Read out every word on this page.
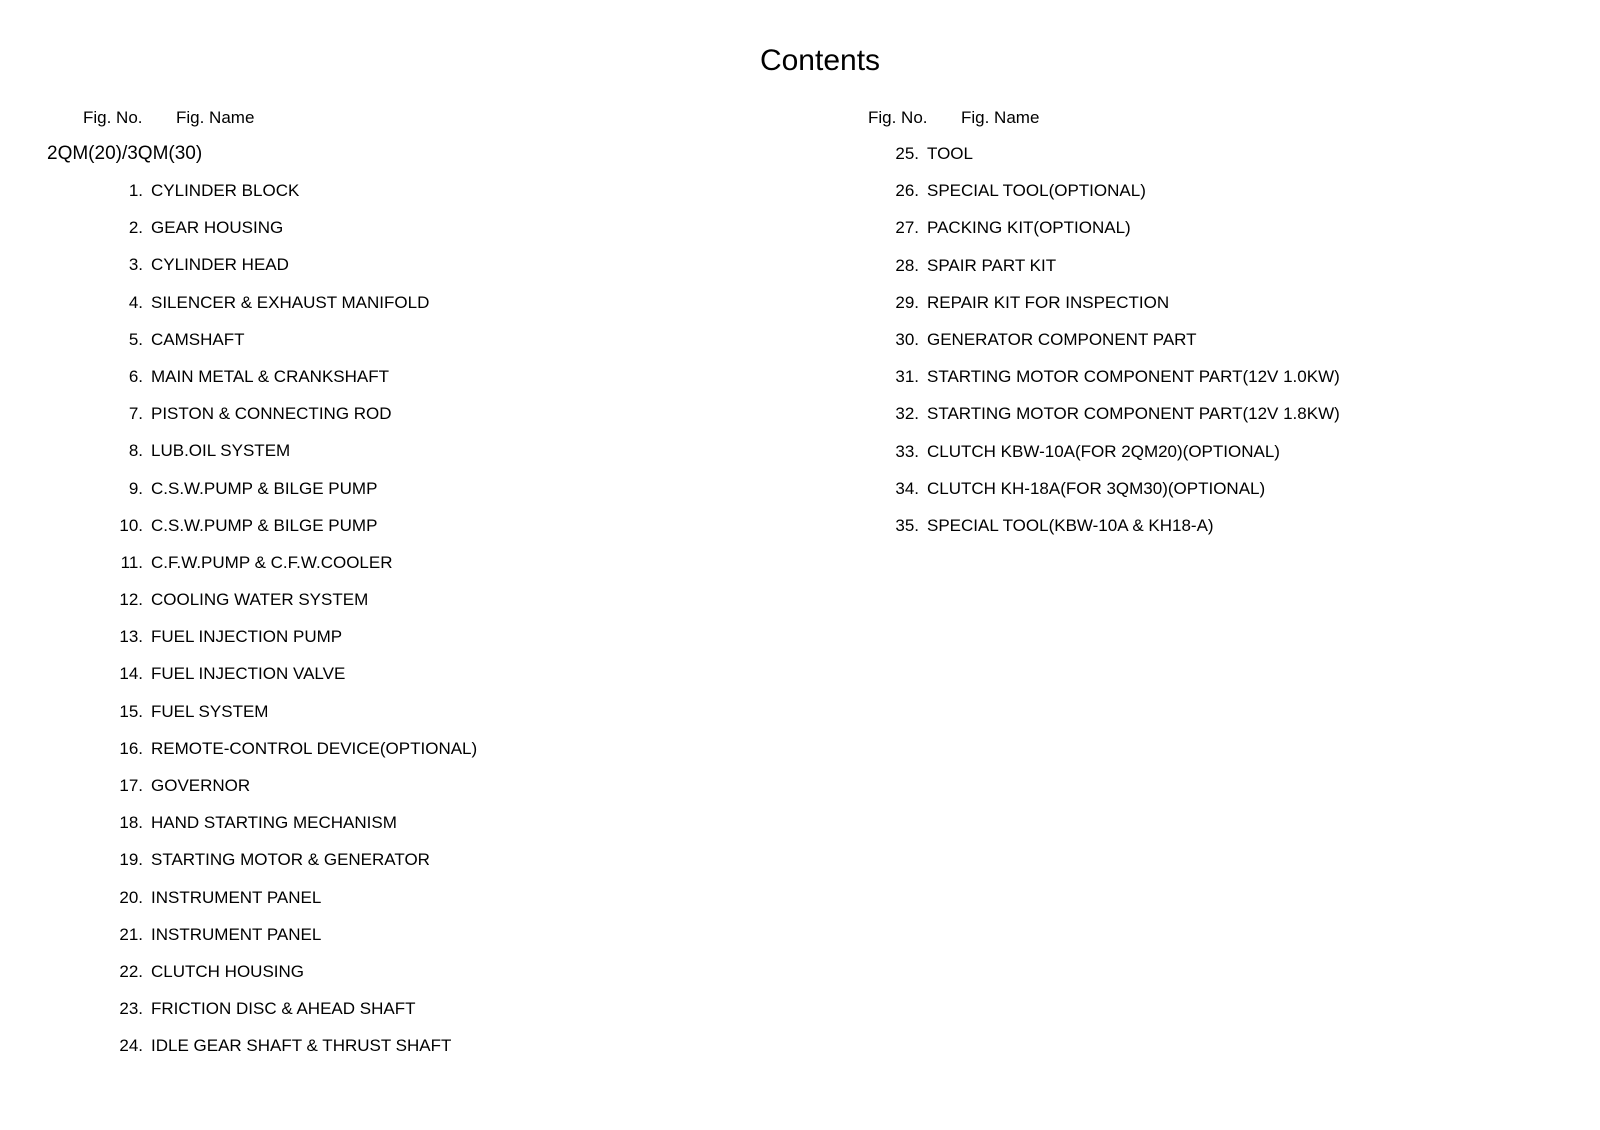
Contents
Fig. No. Fig. Name	Fig. No. Fig. Name
2QM(20)/3QM(30)
1. CYLINDER BLOCK
2. GEAR HOUSING
3. CYLINDER HEAD
4. SILENCER & EXHAUST MANIFOLD
5. CAMSHAFT
6. MAIN METAL & CRANKSHAFT
7. PISTON & CONNECTING ROD
8. LUB.OIL SYSTEM
9. C.S.W.PUMP & BILGE PUMP
10. C.S.W.PUMP & BILGE PUMP
11. C.F.W.PUMP & C.F.W.COOLER
12. COOLING WATER SYSTEM
13. FUEL INJECTION PUMP
14. FUEL INJECTION VALVE
15. FUEL SYSTEM
16. REMOTE-CONTROL DEVICE(OPTIONAL)
17. GOVERNOR
18. HAND STARTING MECHANISM
19. STARTING MOTOR & GENERATOR
20. INSTRUMENT PANEL
21. INSTRUMENT PANEL
22. CLUTCH HOUSING
23. FRICTION DISC & AHEAD SHAFT
24. IDLE GEAR SHAFT & THRUST SHAFT
25. TOOL
26. SPECIAL TOOL(OPTIONAL)
27. PACKING KIT(OPTIONAL)
28. SPAIR PART KIT
29. REPAIR KIT FOR INSPECTION
30. GENERATOR COMPONENT PART
31. STARTING MOTOR COMPONENT PART(12V 1.0KW)
32. STARTING MOTOR COMPONENT PART(12V 1.8KW)
33. CLUTCH KBW-10A(FOR 2QM20)(OPTIONAL)
34. CLUTCH KH-18A(FOR 3QM30)(OPTIONAL)
35. SPECIAL TOOL(KBW-10A & KH18-A)
